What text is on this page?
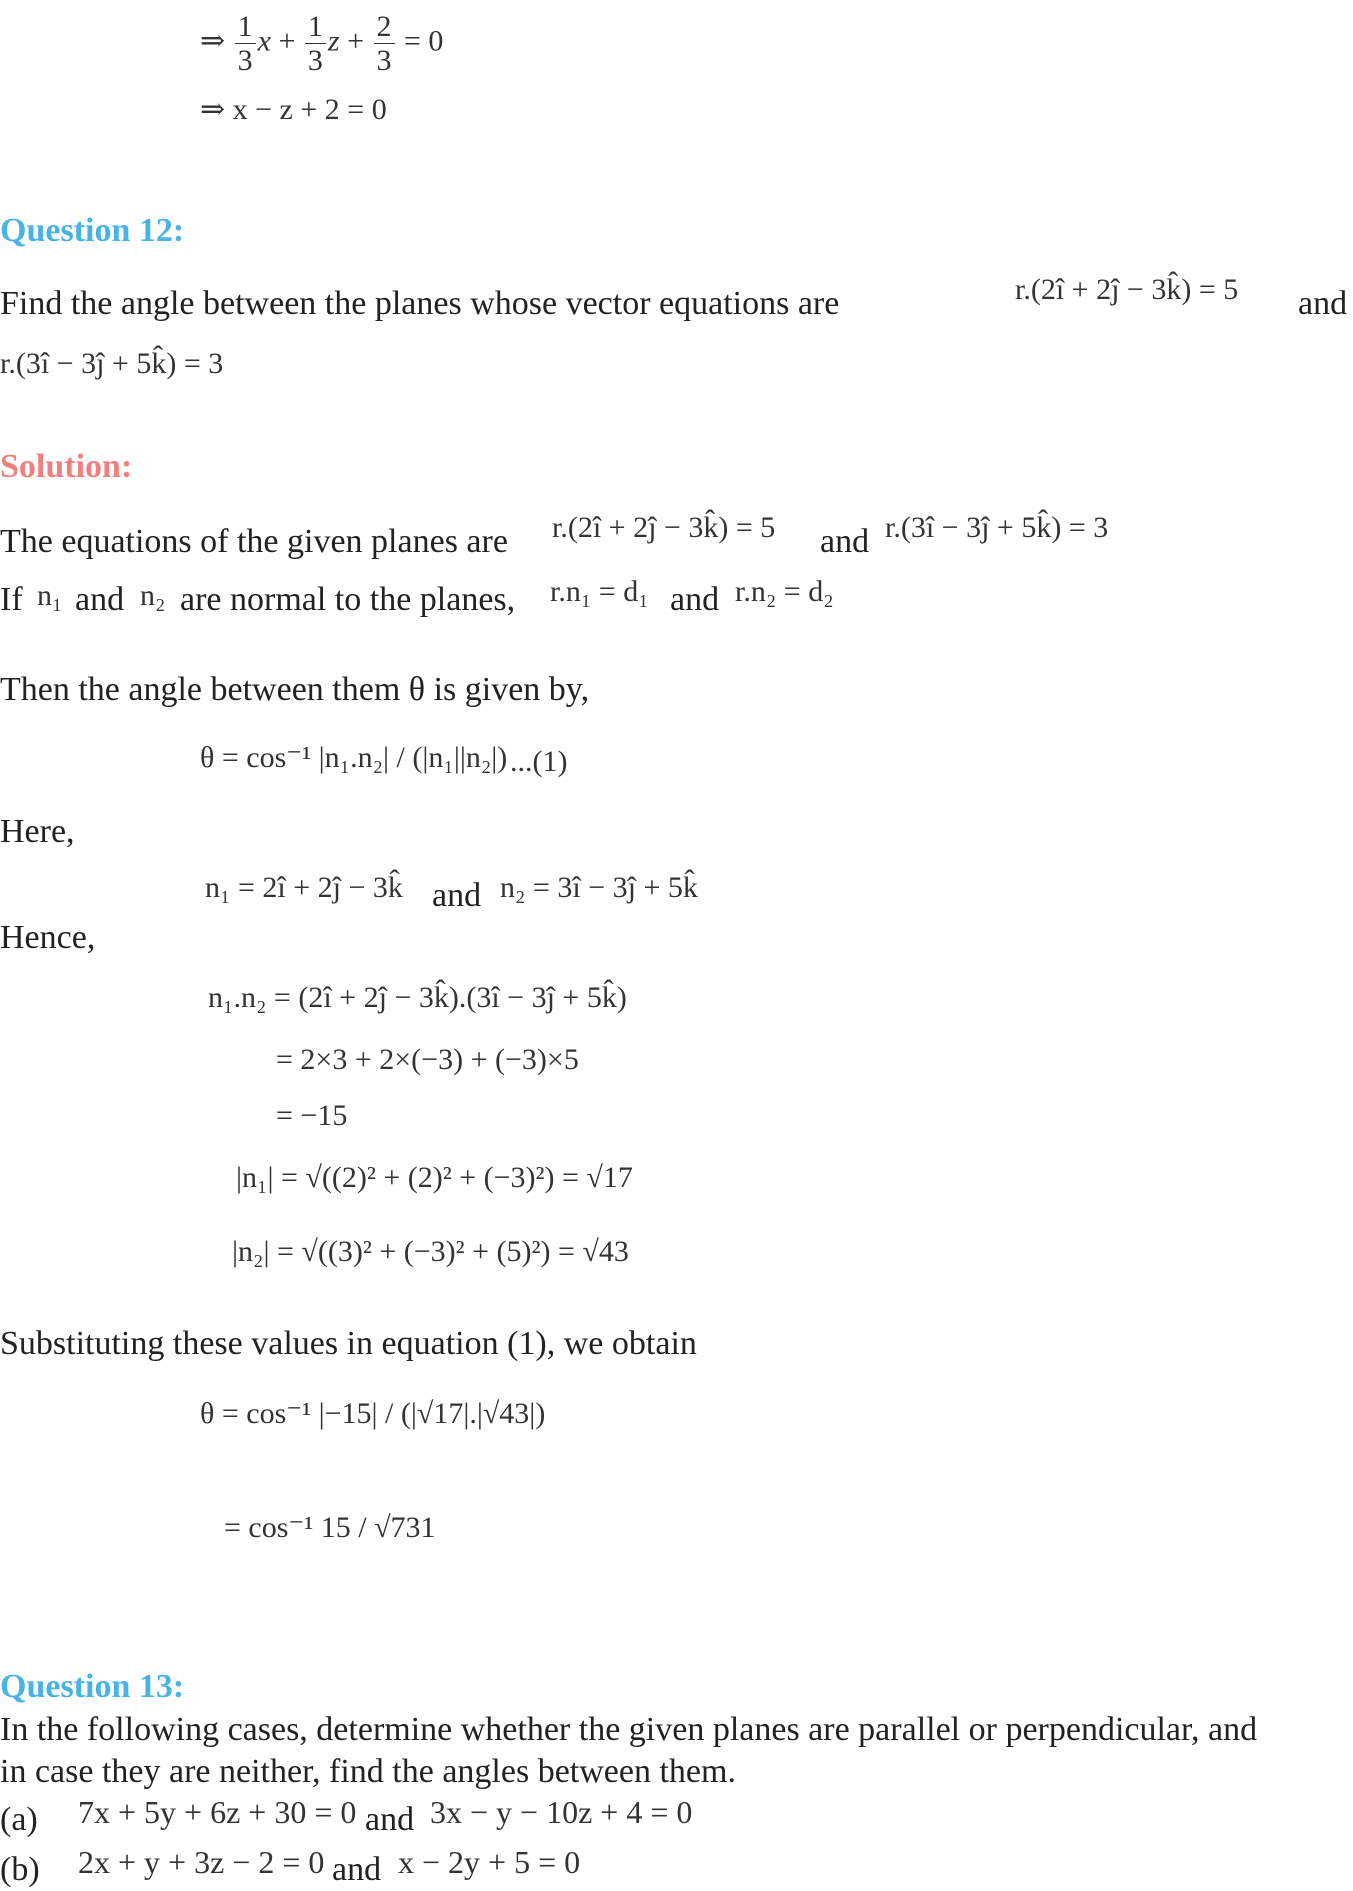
⇒ $\frac{1}{3}$ $x + \frac{1}{3}$ $z + \frac{2}{3} = 0$
⇒ x − z + 2 = 0
Question 12:
Find the angle between the planes whose vector equations are	r.(2î + 2ĵ − 3k̂) = 5 and
r.(3î − 3ĵ + 5k̂) = 3
Solution:
The equations of the given planes are r.(2î + 2ĵ − 3k̂) = 5 and r.(3î − 3ĵ + 5k̂) = 3
If n₁ and n₂ are normal to the planes, r.n₁ = d₁ and r.n₂ = d₂
Then the angle between them θ is given by,
θ = cos⁻¹ |n₁.n₂| / (|n₁||n₂|) ...(1)
Here,
n₁ = 2î + 2ĵ − 3k̂ and n₂ = 3î − 3ĵ + 5k̂
Hence,
n₁.n₂ = (2î + 2ĵ − 3k̂).(3î − 3ĵ + 5k̂)
= 2×3 + 2×(−3) + (−3)×5
= −15
|n₁| = √((2)² + (2)² + (−3)²) = √17
|n₂| = √((3)² + (−3)² + (5)²) = √43
Substituting these values in equation (1), we obtain
θ = cos⁻¹ |−15| / (|√17|.|√43|)
= cos⁻¹ 15 / √731
Question 13:
In the following cases, determine whether the given planes are parallel or perpendicular, and
in case they are neither, find the angles between them.
(a) 7x + 5y + 6z + 30 = 0 and 3x − y − 10z + 4 = 0
(b) 2x + y + 3z − 2 = 0 and x − 2y + 5 = 0
